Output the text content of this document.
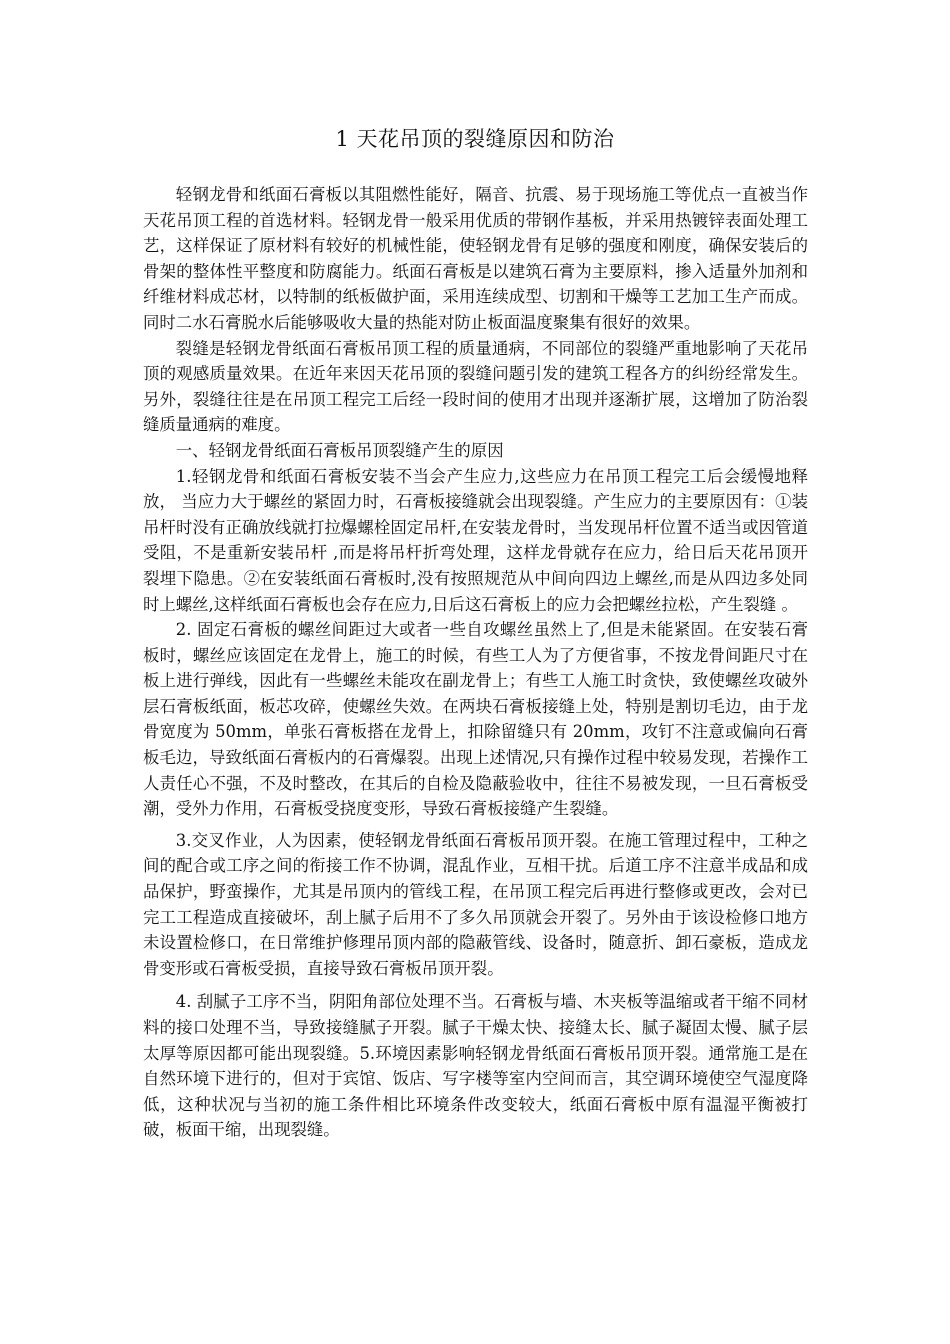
1 天花吊顶的裂缝原因和防治

轻钢龙骨和纸面石膏板以其阻燃性能好，隔音、抗震、易于现场施工等优点一直被当作天花吊顶工程的首选材料。轻钢龙骨一般采用优质的带钢作基板，并采用热镀锌表面处理工艺，这样保证了原材料有较好的机械性能，使轻钢龙骨有足够的强度和刚度，确保安装后的骨架的整体性平整度和防腐能力。纸面石膏板是以建筑石膏为主要原料，掺入适量外加剂和纤维材料成芯材，以特制的纸板做护面，采用连续成型、切割和干燥等工艺加工生产而成。同时二水石膏脱水后能够吸收大量的热能对防止板面温度聚集有很好的效果。

裂缝是轻钢龙骨纸面石膏板吊顶工程的质量通病，不同部位的裂缝严重地影响了天花吊顶的观感质量效果。在近年来因天花吊顶的裂缝问题引发的建筑工程各方的纠纷经常发生。另外，裂缝往往是在吊顶工程完工后经一段时间的使用才出现并逐渐扩展，这增加了防治裂缝质量通病的难度。

一、轻钢龙骨纸面石膏板吊顶裂缝产生的原因

1.轻钢龙骨和纸面石膏板安装不当会产生应力,这些应力在吊顶工程完工后会缓慢地释放， 当应力大于螺丝的紧固力时，石膏板接缝就会出现裂缝。产生应力的主要原因有：①装吊杆时没有正确放线就打拉爆螺栓固定吊杆,在安装龙骨时，当发现吊杆位置不适当或因管道受阻，不是重新安装吊杆 ,而是将吊杆折弯处理，这样龙骨就存在应力，给日后天花吊顶开裂埋下隐患。②在安装纸面石膏板时,没有按照规范从中间向四边上螺丝,而是从四边多处同时上螺丝,这样纸面石膏板也会存在应力,日后这石膏板上的应力会把螺丝拉松，产生裂缝 。

2. 固定石膏板的螺丝间距过大或者一些自攻螺丝虽然上了,但是未能紧固。在安装石膏板时，螺丝应该固定在龙骨上，施工的时候，有些工人为了方便省事，不按龙骨间距尺寸在板上进行弹线，因此有一些螺丝未能攻在副龙骨上；有些工人施工时贪快，致使螺丝攻破外层石膏板纸面，板芯攻碎，使螺丝失效。在两块石膏板接缝上处，特别是割切毛边，由于龙骨宽度为 50mm，单张石膏板搭在龙骨上，扣除留缝只有 20mm，攻钉不注意或偏向石膏板毛边，导致纸面石膏板内的石膏爆裂。出现上述情况,只有操作过程中较易发现，若操作工人责任心不强，不及时整改，在其后的自检及隐蔽验收中，往往不易被发现，一旦石膏板受潮，受外力作用，石膏板受挠度变形，导致石膏板接缝产生裂缝。

3.交叉作业，人为因素，使轻钢龙骨纸面石膏板吊顶开裂。在施工管理过程中，工种之间的配合或工序之间的衔接工作不协调，混乱作业，互相干扰。后道工序不注意半成品和成品保护，野蛮操作，尤其是吊顶内的管线工程，在吊顶工程完后再进行整修或更改，会对已完工工程造成直接破坏，刮上腻子后用不了多久吊顶就会开裂了。另外由于该设检修口地方未设置检修口，在日常维护修理吊顶内部的隐蔽管线、设备时，随意折、卸石豪板，造成龙骨变形或石膏板受损，直接导致石膏板吊顶开裂。

4. 刮腻子工序不当，阴阳角部位处理不当。石膏板与墙、木夹板等温缩或者干缩不同材料的接口处理不当，导致接缝腻子开裂。腻子干燥太快、接缝太长、腻子凝固太慢、腻子层太厚等原因都可能出现裂缝。5.环境因素影响轻钢龙骨纸面石膏板吊顶开裂。通常施工是在自然环境下进行的，但对于宾馆、饭店、写字楼等室内空间而言，其空调环境使空气湿度降低，这种状况与当初的施工条件相比环境条件改变较大，纸面石膏板中原有温湿平衡被打破，板面干缩，出现裂缝。
